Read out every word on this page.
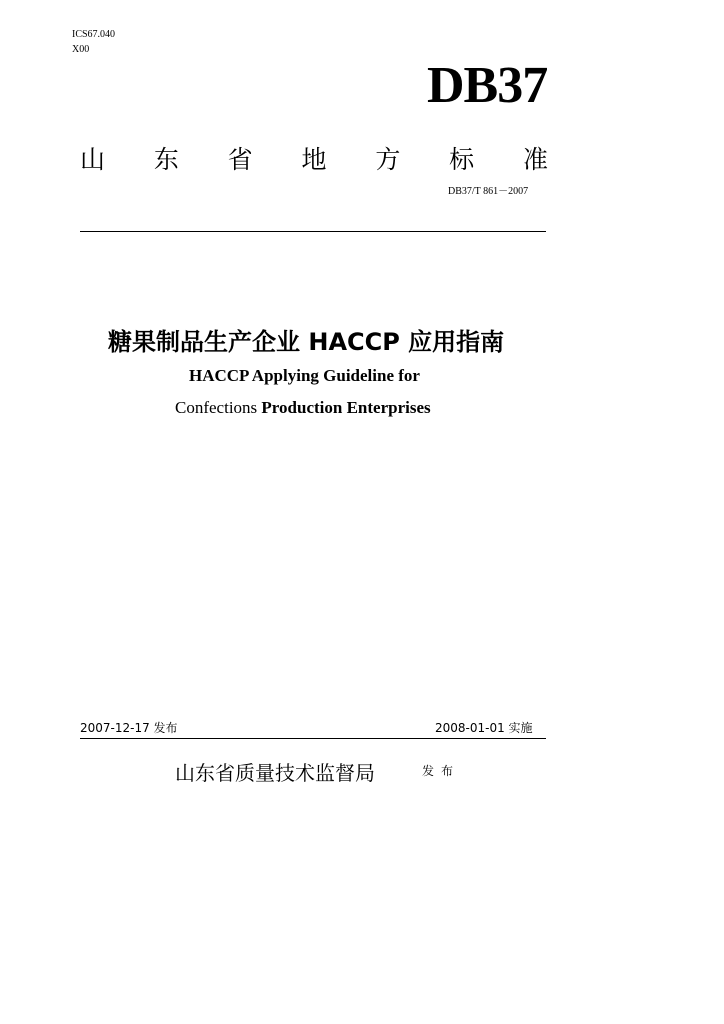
ICS67.040
X00
DB37
山 东 省 地 方 标 准
DB37/T 861－2007
糖果制品生产企业 HACCP 应用指南
HACCP Applying Guideline for
Confections Production Enterprises
2007-12-17 发布	2008-01-01 实施
山东省质量技术监督局	发布
